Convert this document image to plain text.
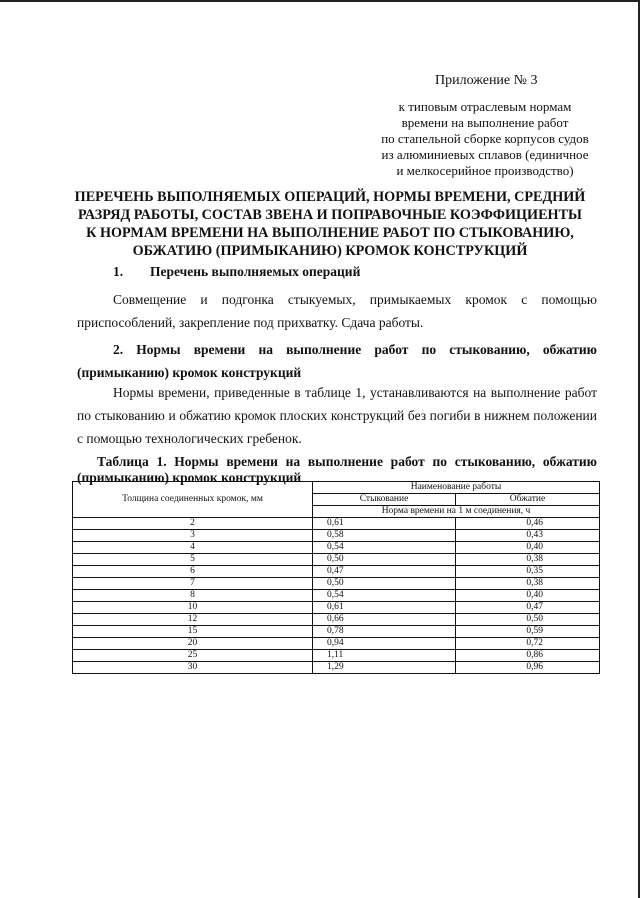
Приложение № 3
к типовым отраслевым нормам
времени на выполнение работ
по стапельной сборке корпусов судов
из алюминиевых сплавов (единичное
и мелкосерийное производство)
ПЕРЕЧЕНЬ ВЫПОЛНЯЕМЫХ ОПЕРАЦИЙ, НОРМЫ ВРЕМЕНИ, СРЕДНИЙ
РАЗРЯД РАБОТЫ, СОСТАВ ЗВЕНА И ПОПРАВОЧНЫЕ КОЭФФИЦИЕНТЫ
К НОРМАМ ВРЕМЕНИ НА ВЫПОЛНЕНИЕ РАБОТ ПО СТЫКОВАНИЮ,
ОБЖАТИЮ (ПРИМЫКАНИЮ) КРОМОК КОНСТРУКЦИЙ
1. Перечень выполняемых операций
Совмещение и подгонка стыкуемых, примыкаемых кромок с помощью
приспособлений, закрепление под прихватку. Сдача работы.
2. Нормы времени на выполнение работ по стыкованию, обжатию
(примыканию) кромок конструкций
Нормы времени, приведенные в таблице 1, устанавливаются на выполнение работ
по стыкованию и обжатию кромок плоских конструкций без погиби в нижнем положении
с помощью технологических гребенок.
Таблица 1. Нормы времени на выполнение работ по стыкованию, обжатию
(примыканию) кромок конструкций
Толщина соединенных кромок, мм	Наименование работы	
	Стыкование	Обжатие
	Норма времени на 1 м соединения, ч	
2	0,61	0,46
3	0,58	0,43
4	0,54	0,40
5	0,50	0,38
6	0,47	0,35
7	0,50	0,38
8	0,54	0,40
10	0,61	0,47
12	0,66	0,50
15	0,78	0,59
20	0,94	0,72
25	1,11	0,86
30	1,29	0,96
